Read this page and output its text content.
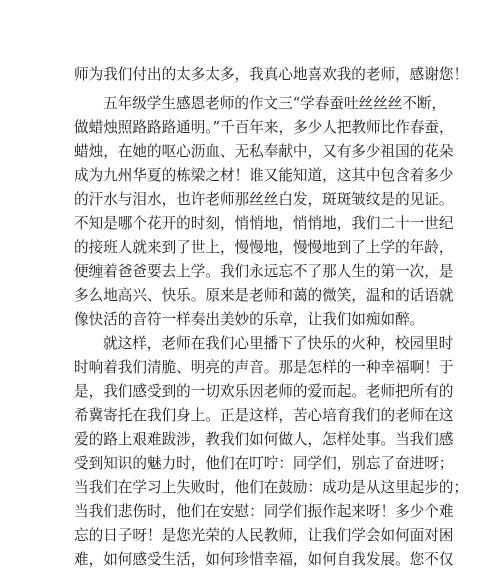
师为我们付出的太多太多，我真心地喜欢我的老师，感谢您！
五年级学生感恩老师的作文三“学春蚕吐丝丝丝不断，
做蜡烛照路路路通明。”千百年来，多少人把教师比作春蚕，
蜡烛，在她的呕心沥血、无私奉献中，又有多少祖国的花朵
成为九州华夏的栋梁之材！谁又能知道，这其中包含着多少
的汗水与泪水，也许老师那丝丝白发，斑斑皱纹是的见证。
不知是哪个花开的时刻，悄悄地，悄悄地，我们二十一世纪
的接班人就来到了世上，慢慢地，慢慢地到了上学的年龄，
便缠着爸爸要去上学。我们永远忘不了那人生的第一次，是
多么地高兴、快乐。原来是老师和蔼的微笑，温和的话语就
像快活的音符一样奏出美妙的乐章，让我们如痴如醉。
就这样，老师在我们心里播下了快乐的火种，校园里时
时响着我们清脆、明亮的声音。那是怎样的一种幸福啊！于
是，我们感受到的一切欢乐因老师的爱而起。老师把所有的
希冀寄托在我们身上。正是这样，苦心培育我们的老师在这
爱的路上艰难跋涉，教我们如何做人，怎样处事。当我们感
受到知识的魅力时，他们在叮咛：同学们，别忘了奋进呀；
当我们在学习上失败时，他们在鼓励：成功是从这里起步的；
当我们悲伤时，他们在安慰：同学们振作起来呀！多少个难
忘的日子呀！是您光荣的人民教师，让我们学会如何面对困
难，如何感受生活，如何珍惜幸福，如何自我发展。您不仅
